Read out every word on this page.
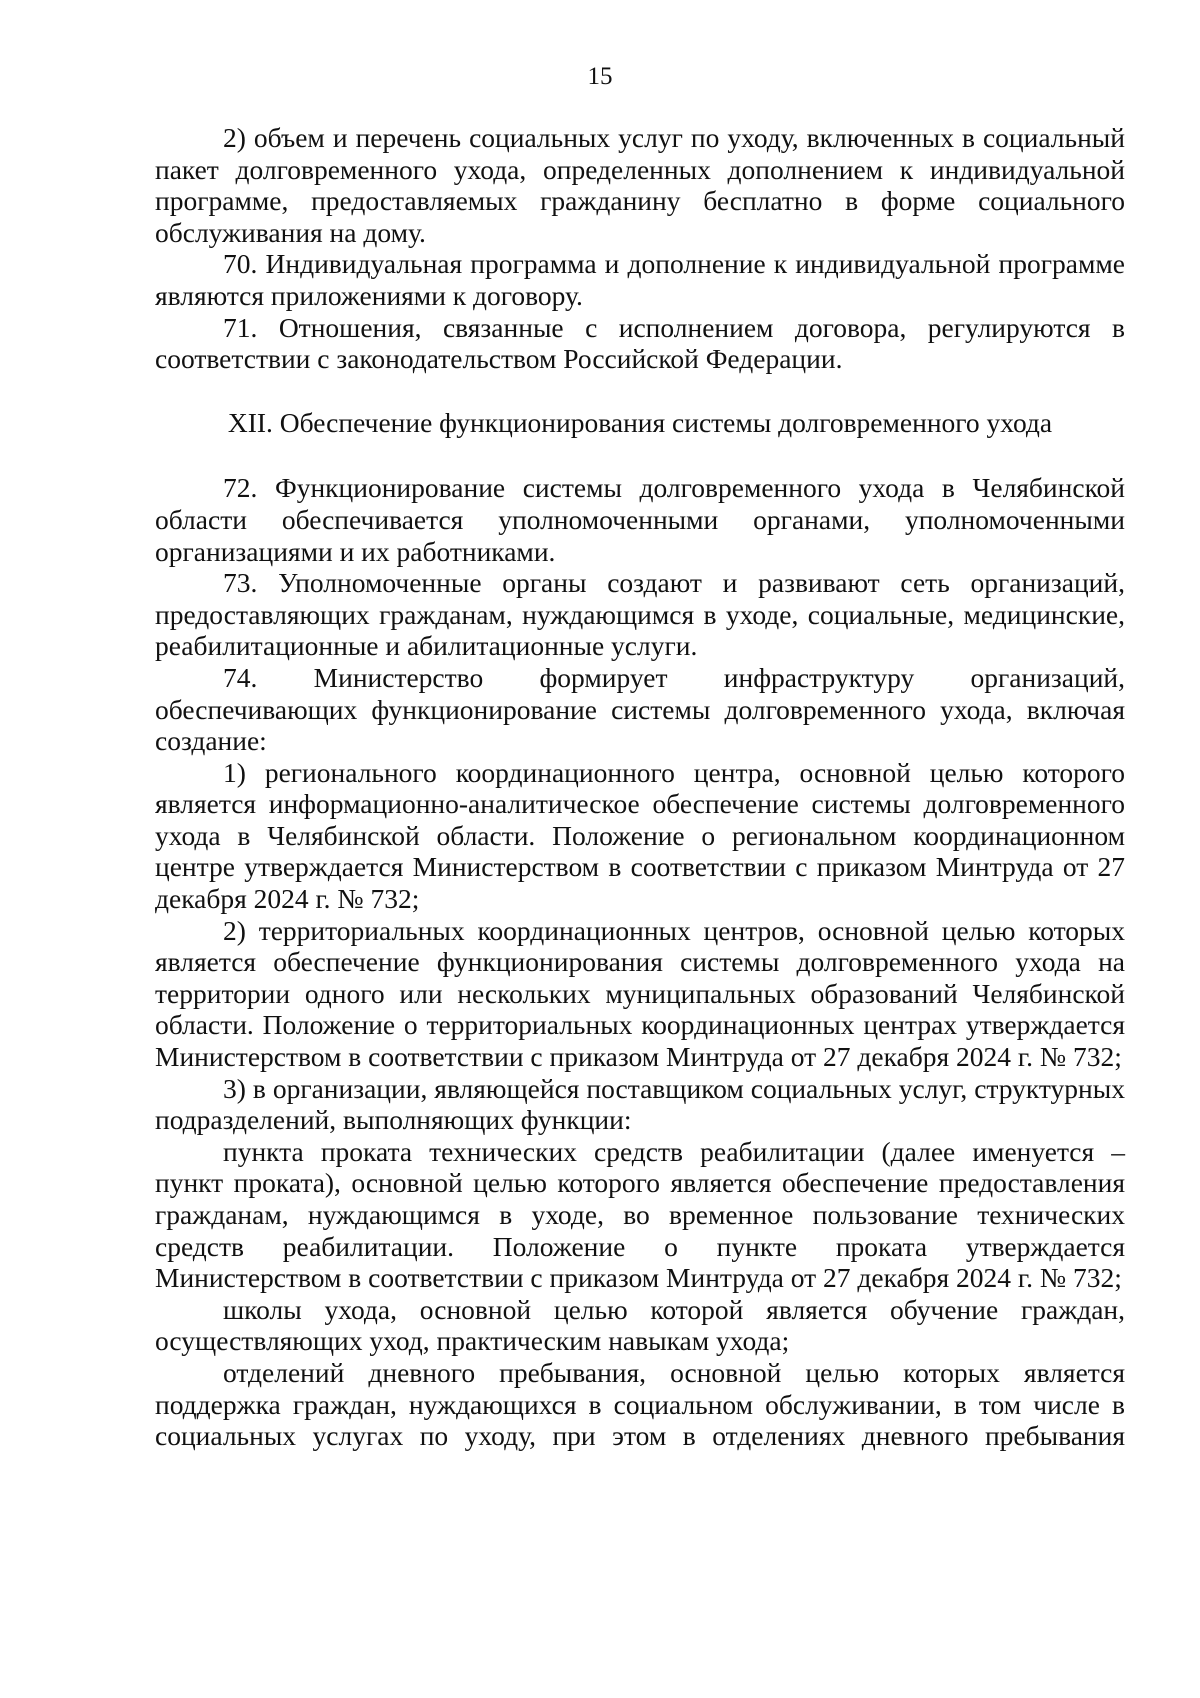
15

2) объем и перечень социальных услуг по уходу, включенных в социальный пакет долговременного ухода, определенных дополнением к индивидуальной программе, предоставляемых гражданину бесплатно в форме социального обслуживания на дому.

70. Индивидуальная программа и дополнение к индивидуальной программе являются приложениями к договору.

71. Отношения, связанные с исполнением договора, регулируются в соответствии с законодательством Российской Федерации.

XII. Обеспечение функционирования системы долговременного ухода

72. Функционирование системы долговременного ухода в Челябинской области обеспечивается уполномоченными органами, уполномоченными организациями и их работниками.

73. Уполномоченные органы создают и развивают сеть организаций, предоставляющих гражданам, нуждающимся в уходе, социальные, медицинские, реабилитационные и абилитационные услуги.

74. Министерство формирует инфраструктуру организаций, обеспечивающих функционирование системы долговременного ухода, включая создание:

1) регионального координационного центра, основной целью которого является информационно-аналитическое обеспечение системы долговременного ухода в Челябинской области. Положение о региональном координационном центре утверждается Министерством в соответствии с приказом Минтруда от 27 декабря 2024 г. № 732;

2) территориальных координационных центров, основной целью которых является обеспечение функционирования системы долговременного ухода на территории одного или нескольких муниципальных образований Челябинской области. Положение о территориальных координационных центрах утверждается Министерством в соответствии с приказом Минтруда от 27 декабря 2024 г. № 732;

3) в организации, являющейся поставщиком социальных услуг, структурных подразделений, выполняющих функции:

пункта проката технических средств реабилитации (далее именуется – пункт проката), основной целью которого является обеспечение предоставления гражданам, нуждающимся в уходе, во временное пользование технических средств реабилитации. Положение о пункте проката утверждается Министерством в соответствии с приказом Минтруда от 27 декабря 2024 г. № 732;

школы ухода, основной целью которой является обучение граждан, осуществляющих уход, практическим навыкам ухода;

отделений дневного пребывания, основной целью которых является поддержка граждан, нуждающихся в социальном обслуживании, в том числе в социальных услугах по уходу, при этом в отделениях дневного пребывания
